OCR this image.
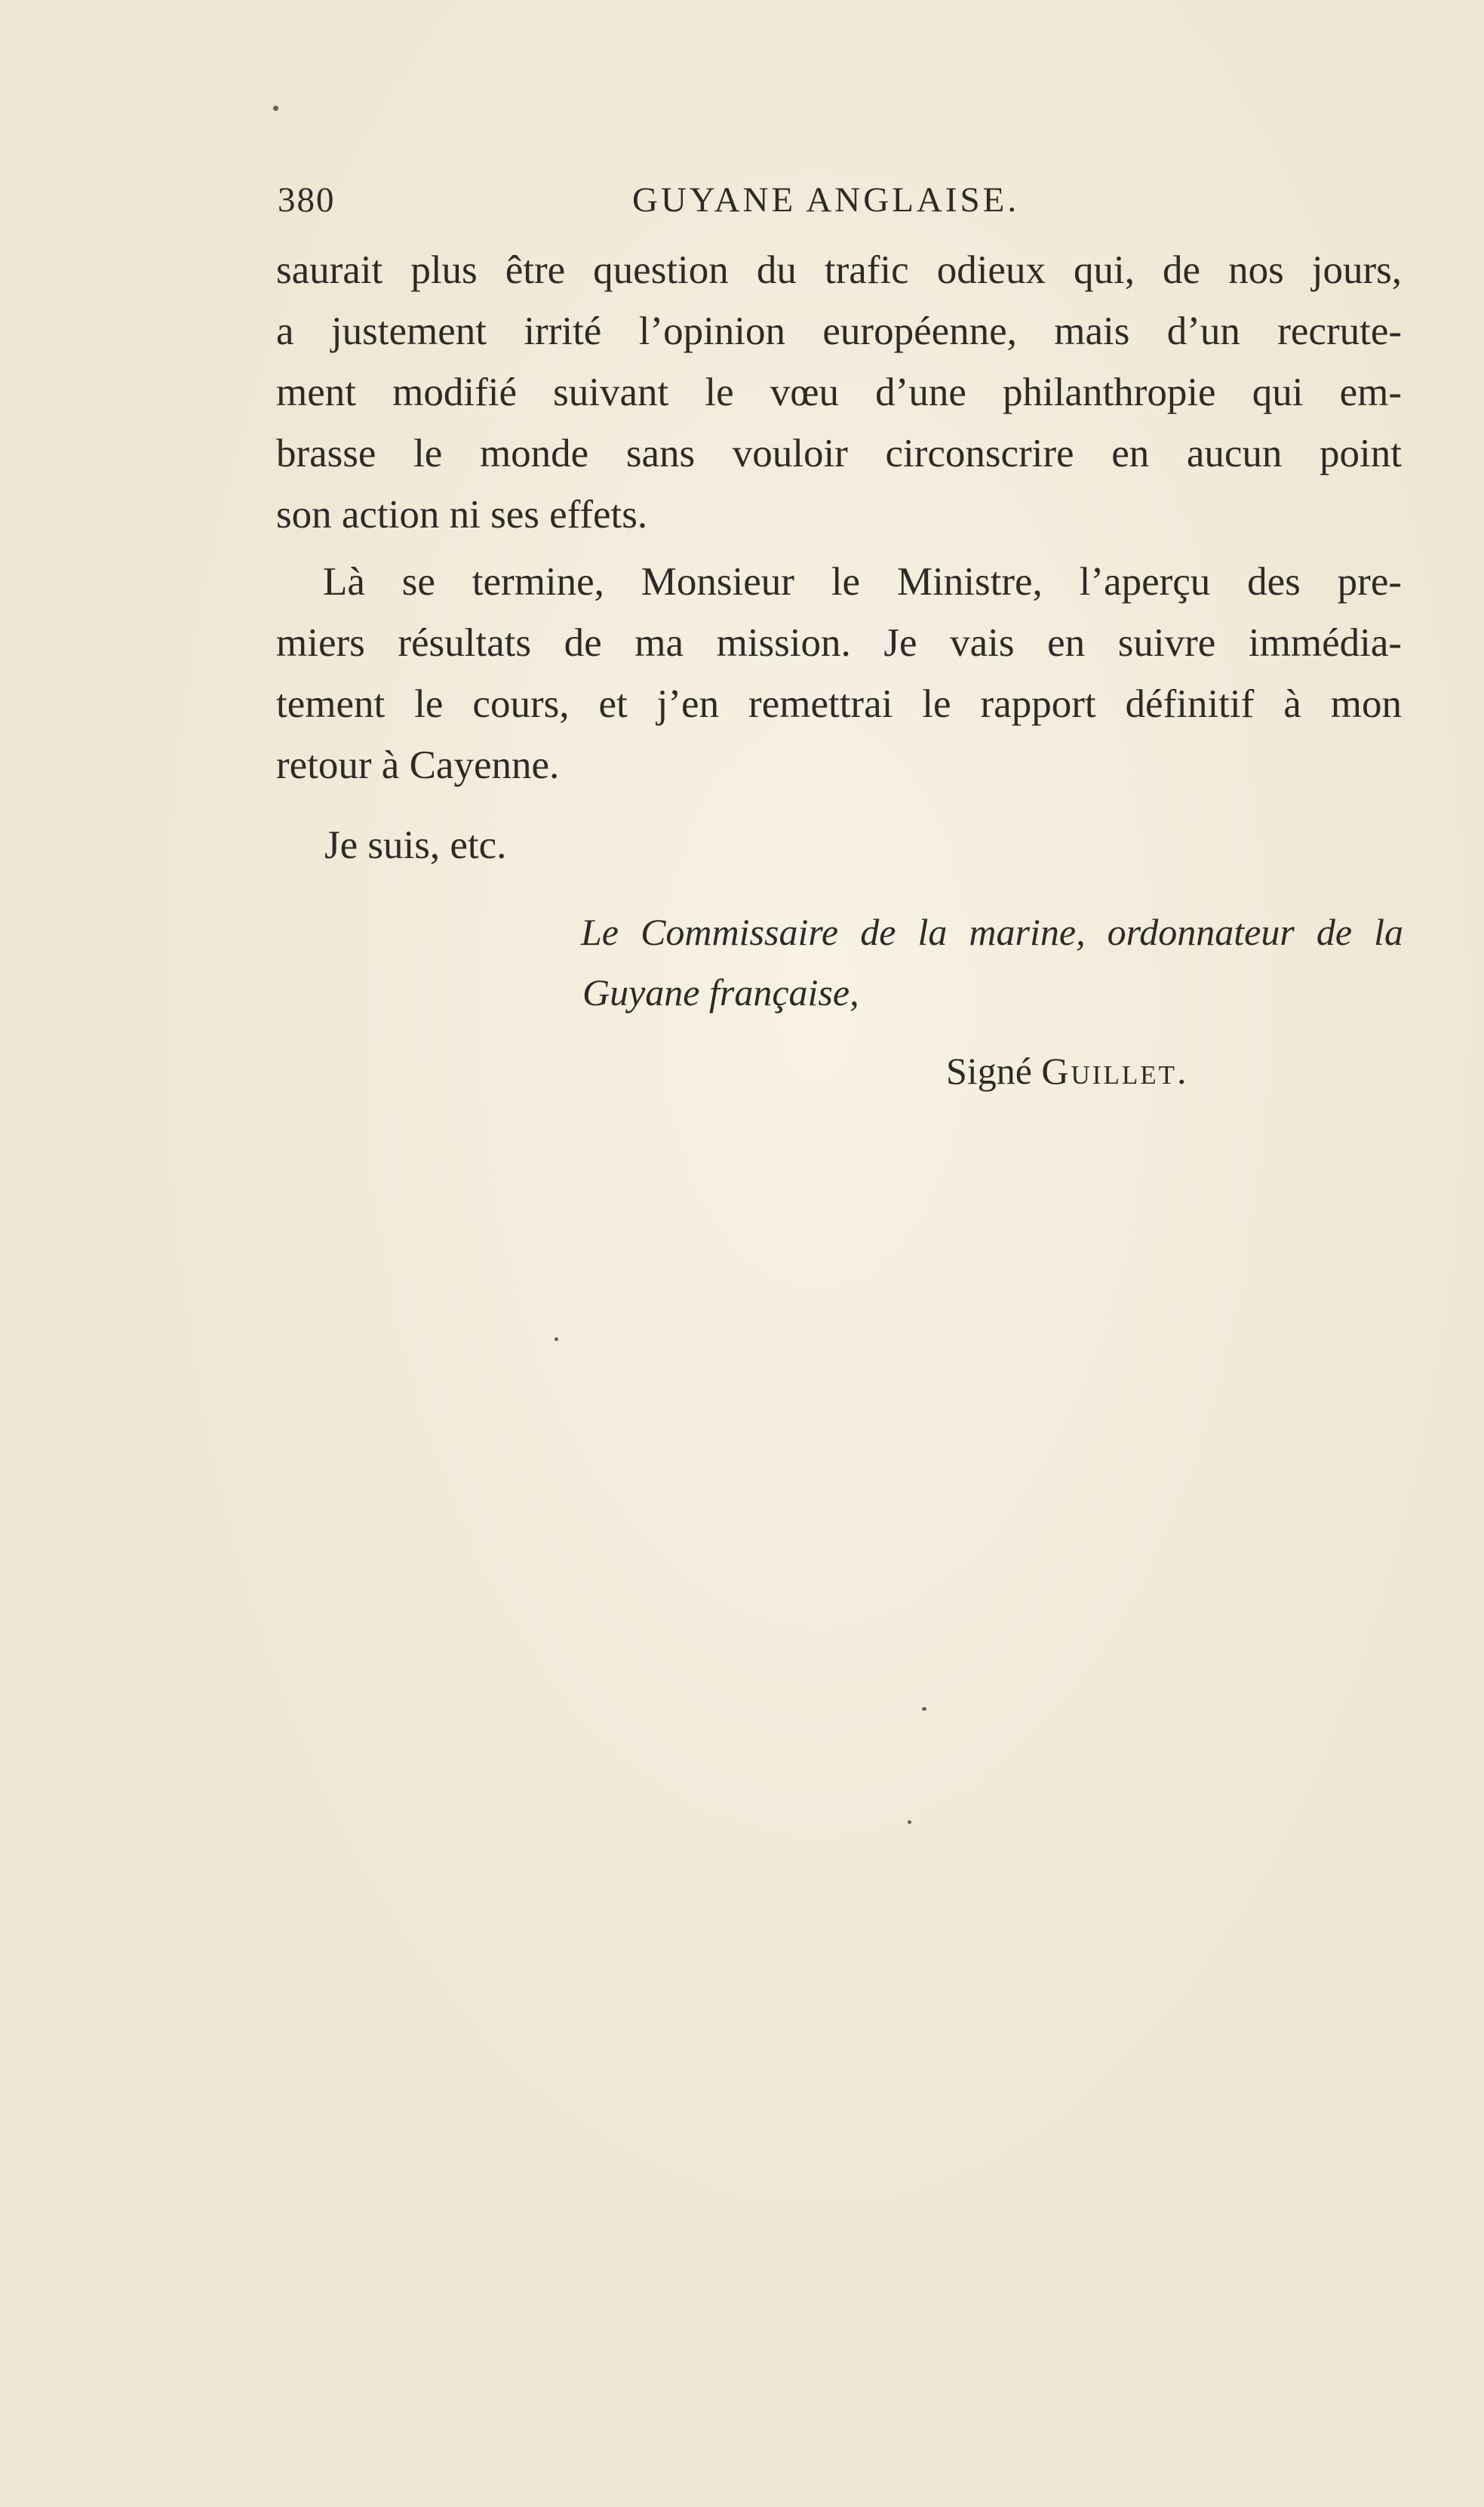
380	GUYANE ANGLAISE.

saurait plus être question du trafic odieux qui, de nos jours,
a justement irrité l’opinion européenne, mais d’un recrute-
ment modifié suivant le vœu d’une philanthropie qui em-
brasse le monde sans vouloir circonscrire en aucun point
son action ni ses effets.

Là se termine, Monsieur le Ministre, l’aperçu des pre-
miers résultats de ma mission. Je vais en suivre immédia-
tement le cours, et j’en remettrai le rapport définitif à mon
retour à Cayenne.

Je suis, etc.
Le Commissaire de la marine, ordonnateur de la
Guyane française,
Signé Guillet.
